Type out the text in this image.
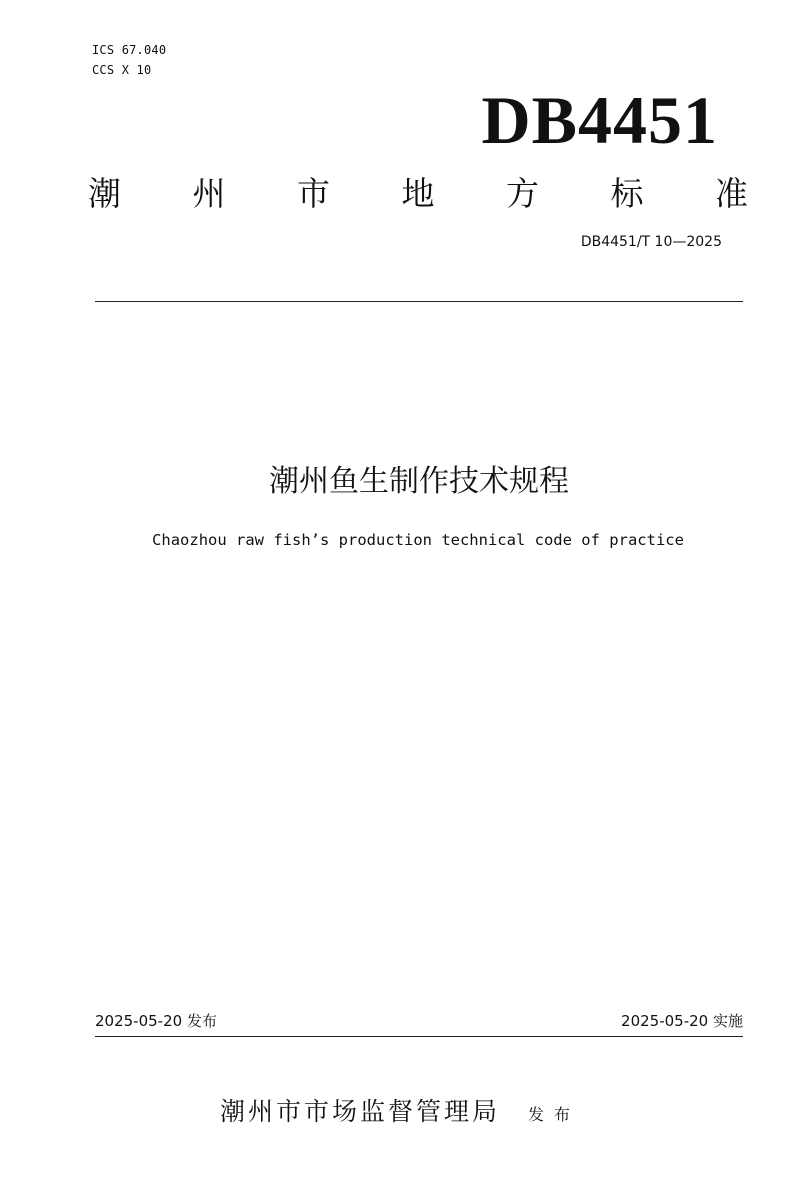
ICS 67.040
CCS X 10
DB4451
潮 州 市 地 方 标 准
DB4451/T 10—2025
潮州鱼生制作技术规程
Chaozhou raw fish’s production technical code of practice
2025-05-20 发布	2025-05-20 实施
潮州市市场监督管理局 发布
